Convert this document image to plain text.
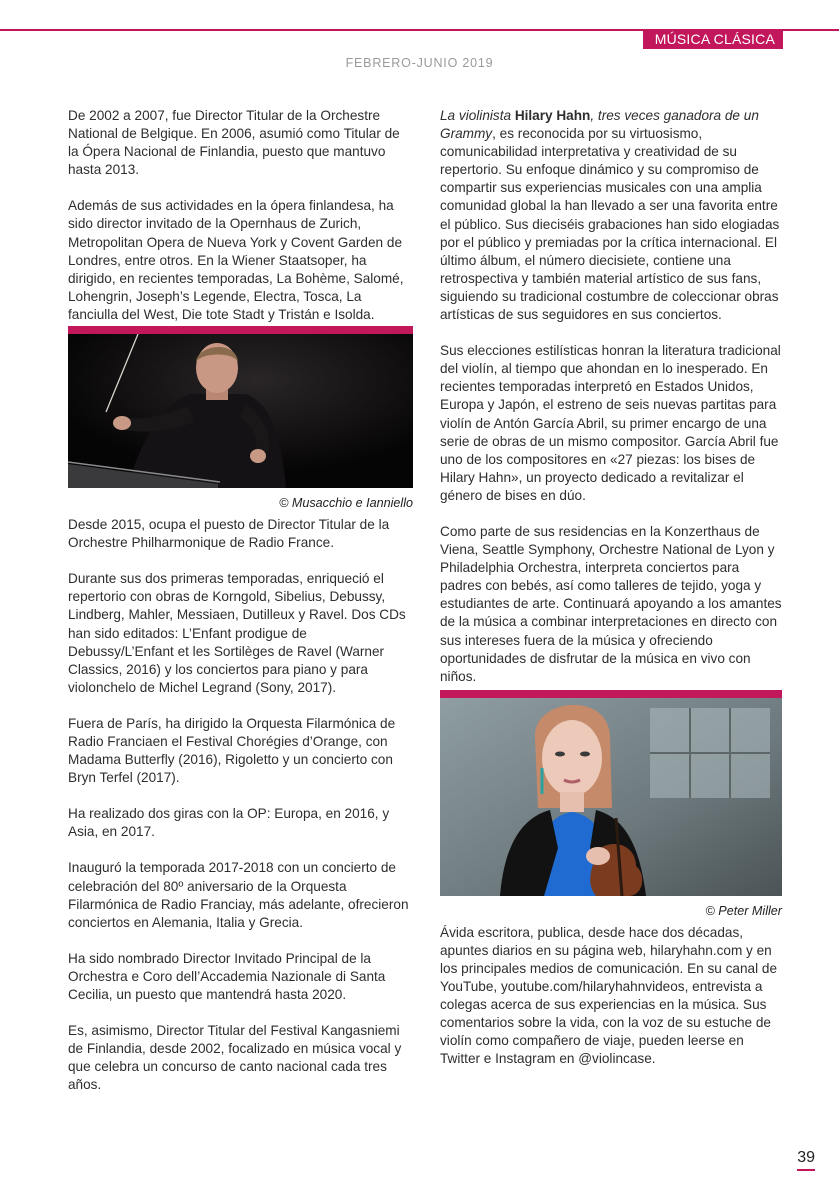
MÚSICA CLÁSICA
FEBRERO-JUNIO 2019

De 2002 a 2007, fue Director Titular de la Orchestre National de Belgique. En 2006, asumió como Titular de la Ópera Nacional de Finlandia, puesto que mantuvo hasta 2013.

Además de sus actividades en la ópera finlandesa, ha sido director invitado de la Opernhaus de Zurich, Metropolitan Opera de Nueva York y Covent Garden de Londres, entre otros. En la Wiener Staatsoper, ha dirigido, en recientes temporadas, La Bohème, Salomé, Lohengrin, Joseph’s Legende, Electra, Tosca, La fanciulla del West, Die tote Stadt y Tristán e Isolda.

© Musacchio e Ianniello

Desde 2015, ocupa el puesto de Director Titular de la Orchestre Philharmonique de Radio France.

Durante sus dos primeras temporadas, enriqueció el repertorio con obras de Korngold, Sibelius, Debussy, Lindberg, Mahler, Messiaen, Dutilleux y Ravel. Dos CDs han sido editados: L’Enfant prodigue de Debussy/L’Enfant et les Sortilèges de Ravel (Warner Classics, 2016) y los conciertos para piano y para violonchelo de Michel Legrand (Sony, 2017).

Fuera de París, ha dirigido la Orquesta Filarmónica de Radio Franciaen el Festival Chorégies d’Orange, con Madama Butterfly (2016), Rigoletto y un concierto con Bryn Terfel (2017).

Ha realizado dos giras con la OP: Europa, en 2016, y Asia, en 2017.

Inauguró la temporada 2017-2018 con un concierto de celebración del 80º aniversario de la Orquesta Filarmónica de Radio Franciay, más adelante, ofrecieron conciertos en Alemania, Italia y Grecia.

Ha sido nombrado Director Invitado Principal de la Orchestra e Coro dell’Accademia Nazionale di Santa Cecilia, un puesto que mantendrá hasta 2020.

Es, asimismo, Director Titular del Festival Kangasniemi de Finlandia, desde 2002, focalizado en música vocal y que celebra un concurso de canto nacional cada tres años.

La violinista Hilary Hahn, tres veces ganadora de un Grammy, es reconocida por su virtuosismo, comunicabilidad interpretativa y creatividad de su repertorio. Su enfoque dinámico y su compromiso de compartir sus experiencias musicales con una amplia comunidad global la han llevado a ser una favorita entre el público. Sus dieciséis grabaciones han sido elogiadas por el público y premiadas por la crítica internacional. El último álbum, el número diecisiete, contiene una retrospectiva y también material artístico de sus fans, siguiendo su tradicional costumbre de coleccionar obras artísticas de sus seguidores en sus conciertos.

Sus elecciones estilísticas honran la literatura tradicional del violín, al tiempo que ahondan en lo inesperado. En recientes temporadas interpretó en Estados Unidos, Europa y Japón, el estreno de seis nuevas partitas para violín de Antón García Abril, su primer encargo de una serie de obras de un mismo compositor. García Abril fue uno de los compositores en «27 piezas: los bises de Hilary Hahn», un proyecto dedicado a revitalizar el género de bises en dúo.

Como parte de sus residencias en la Konzerthaus de Viena, Seattle Symphony, Orchestre National de Lyon y Philadelphia Orchestra, interpreta conciertos para padres con bebés, así como talleres de tejido, yoga y estudiantes de arte. Continuará apoyando a los amantes de la música a combinar interpretaciones en directo con sus intereses fuera de la música y ofreciendo oportunidades de disfrutar de la música en vivo con niños.

© Peter Miller

Ávida escritora, publica, desde hace dos décadas, apuntes diarios en su página web, hilaryhahn.com y en los principales medios de comunicación. En su canal de YouTube, youtube.com/hilaryhahnvideos, entrevista a colegas acerca de sus experiencias en la música. Sus comentarios sobre la vida, con la voz de su estuche de violín como compañero de viaje, pueden leerse en Twitter e Instagram en @violincase.

39
